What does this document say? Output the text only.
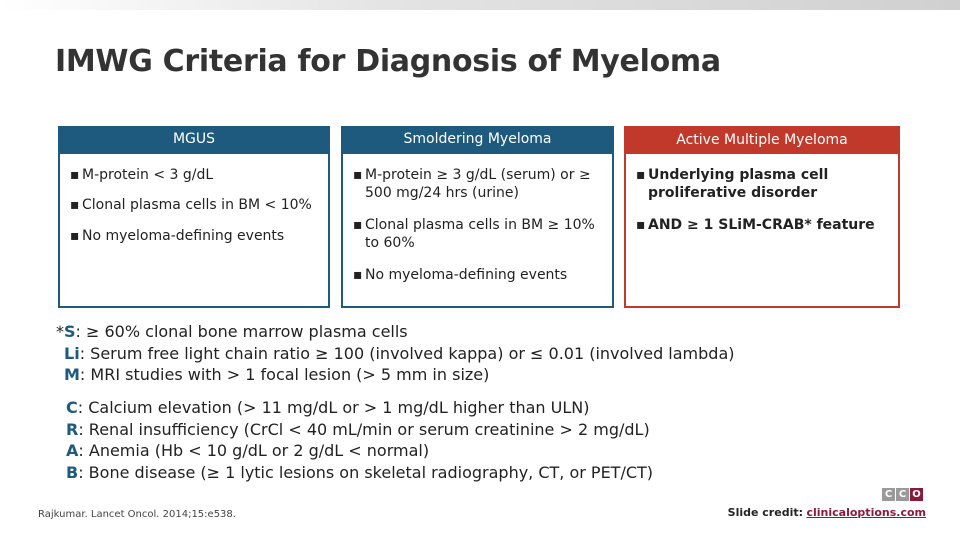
IMWG Criteria for Diagnosis of Myeloma
MGUS
▪ M-protein < 3 g/dL
▪ Clonal plasma cells in BM < 10%
▪ No myeloma-defining events
Smoldering Myeloma
▪ M-protein ≥ 3 g/dL (serum) or ≥ 500 mg/24 hrs (urine)
▪ Clonal plasma cells in BM ≥ 10% to 60%
▪ No myeloma-defining events
Active Multiple Myeloma
▪ Underlying plasma cell proliferative disorder
▪ AND ≥ 1 SLiM-CRAB* feature
*S: ≥ 60% clonal bone marrow plasma cells
Li: Serum free light chain ratio ≥ 100 (involved kappa) or ≤ 0.01 (involved lambda)
M: MRI studies with > 1 focal lesion (> 5 mm in size)
C: Calcium elevation (> 11 mg/dL or > 1 mg/dL higher than ULN)
R: Renal insufficiency (CrCl < 40 mL/min or serum creatinine > 2 mg/dL)
A: Anemia (Hb < 10 g/dL or 2 g/dL < normal)
B: Bone disease (≥ 1 lytic lesions on skeletal radiography, CT, or PET/CT)
Rajkumar. Lancet Oncol. 2014;15:e538.
C C O
Slide credit: clinicaloptions.com
